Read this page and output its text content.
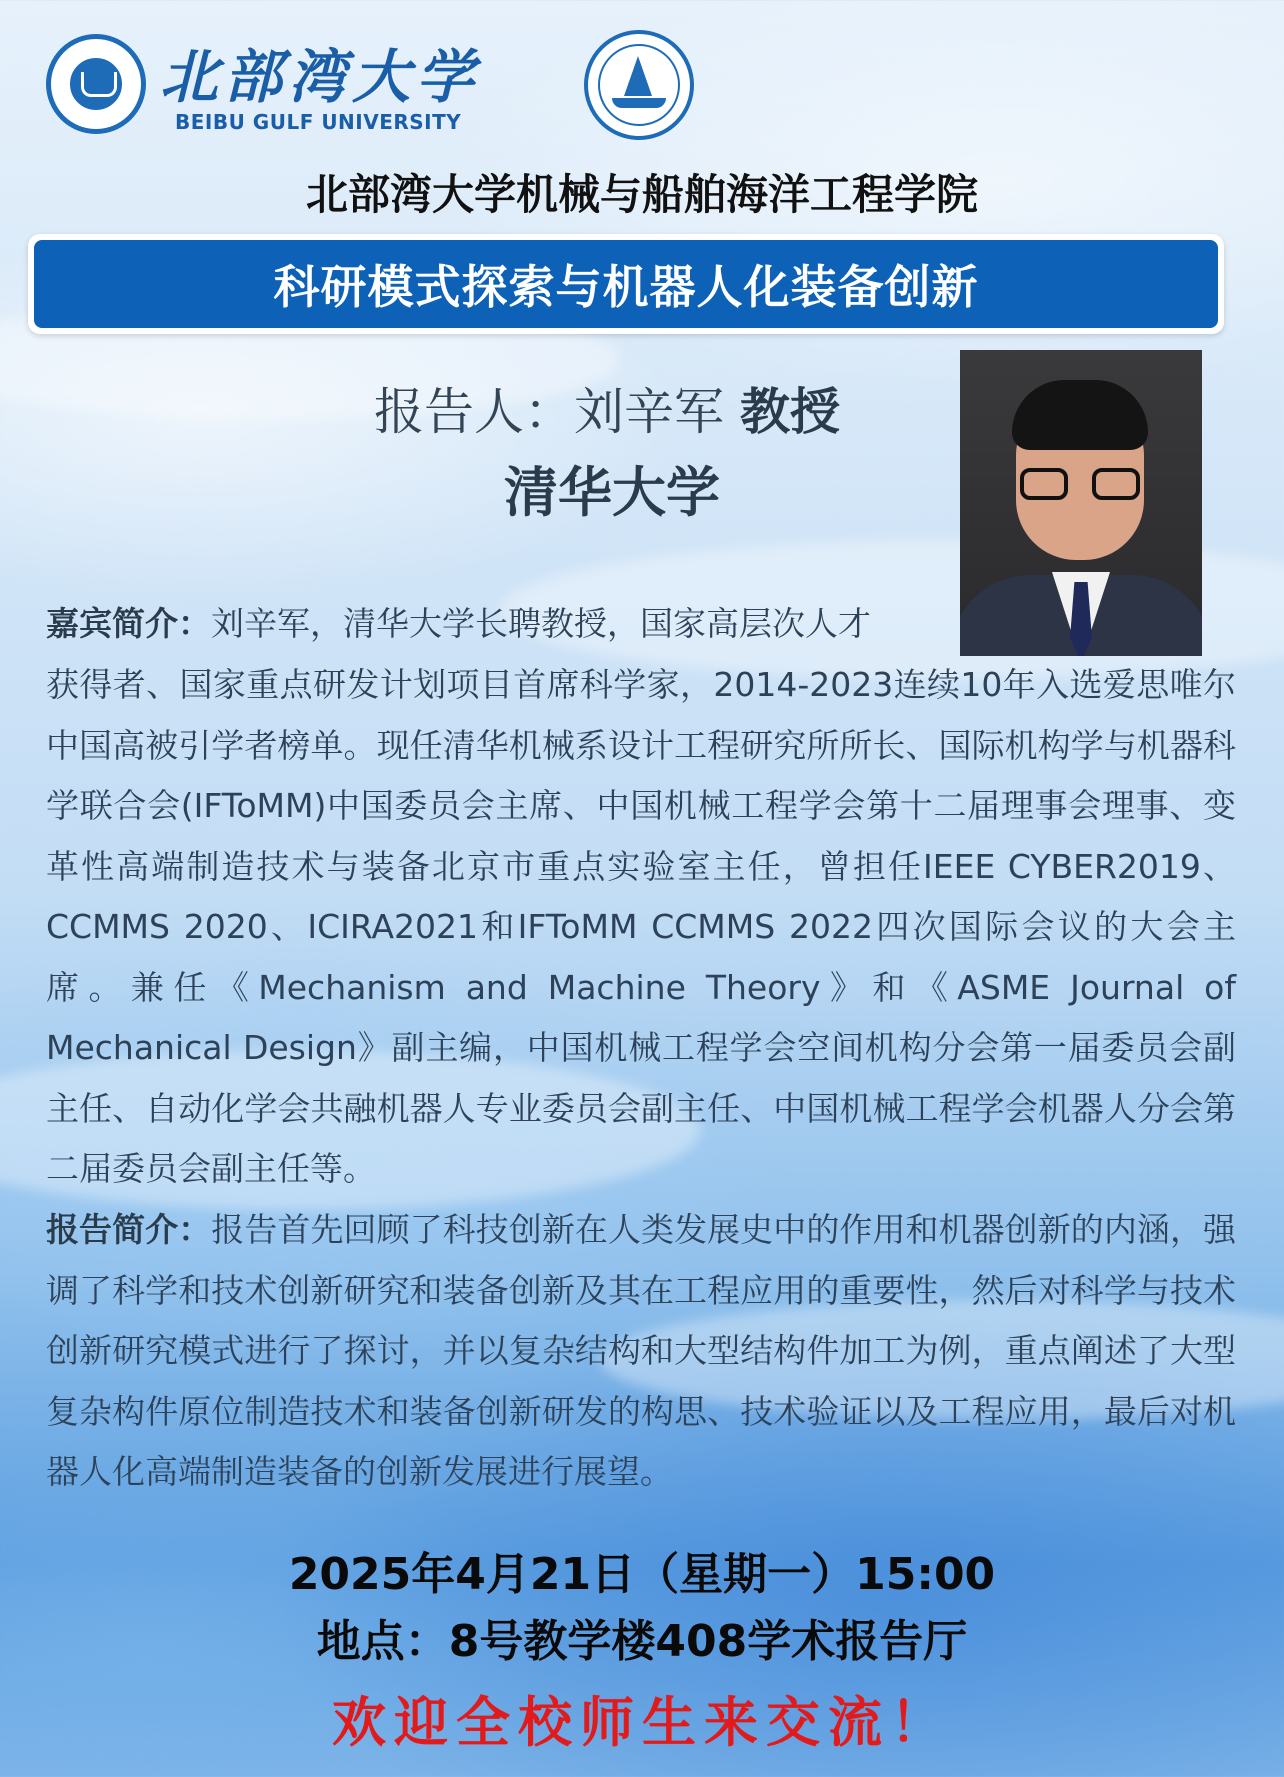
北部湾大学
BEIBU GULF UNIVERSITY
北部湾大学机械与船舶海洋工程学院
科研模式探索与机器人化装备创新
报告人：刘辛军 教授
清华大学

嘉宾简介：刘辛军，清华大学长聘教授，国家高层次人才

获得者、国家重点研发计划项目首席科学家，2014-2023连续10年入选爱思唯尔中国高被引学者榜单。现任清华机械系设计工程研究所所长、国际机构学与机器科学联合会(IFToMM)中国委员会主席、中国机械工程学会第十二届理事会理事、变革性高端制造技术与装备北京市重点实验室主任，曾担任IEEE CYBER2019、CCMMS 2020、ICIRA2021和IFToMM CCMMS 2022四次国际会议的大会主席。兼任《Mechanism and Machine Theory》和《ASME Journal of Mechanical Design》副主编，中国机械工程学会空间机构分会第一届委员会副主任、自动化学会共融机器人专业委员会副主任、中国机械工程学会机器人分会第二届委员会副主任等。

报告简介：报告首先回顾了科技创新在人类发展史中的作用和机器创新的内涵，强调了科学和技术创新研究和装备创新及其在工程应用的重要性，然后对科学与技术创新研究模式进行了探讨，并以复杂结构和大型结构件加工为例，重点阐述了大型复杂构件原位制造技术和装备创新研发的构思、技术验证以及工程应用，最后对机器人化高端制造装备的创新发展进行展望。

2025年4月21日（星期一）15:00
地点：8号教学楼408学术报告厅
欢迎全校师生来交流！
